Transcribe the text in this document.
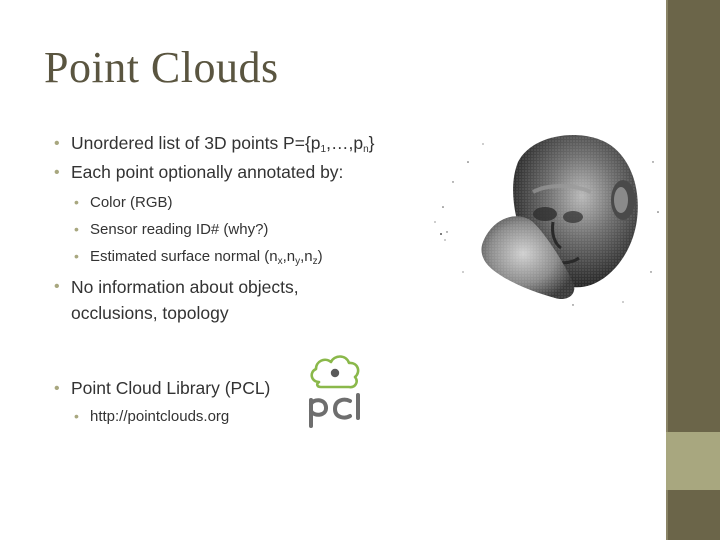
Point Clouds
• Unordered list of 3D points $P=\{p_1,\dots,p_n\}$
• Each point optionally annotated by:
• Color (RGB)
• Sensor reading ID# (why?)
• Estimated surface normal $(n_x,n_y,n_z)$
• No information about objects, occlusions, topology
• Point Cloud Library (PCL)
• http://pointclouds.org
